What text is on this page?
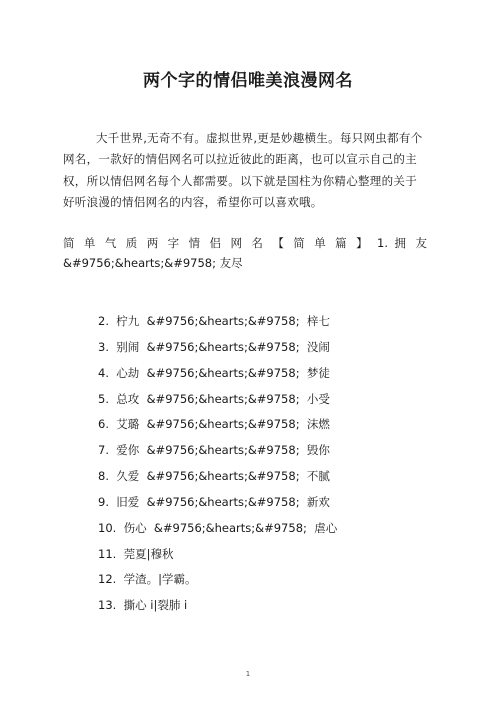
两个字的情侣唯美浪漫网名

大千世界,无奇不有。虚拟世界,更是妙趣横生。每只网虫都有个网名，一款好的情侣网名可以拉近彼此的距离，也可以宣示自己的主权，所以情侣网名每个人都需要。以下就是国柱为你精心整理的关于好听浪漫的情侣网名的内容，希望你可以喜欢哦。

简 单 气 质 两 字 情 侣 网 名 【 简 单 篇 】 1. 拥 友
&#9756;&hearts;&#9758; 友尽
2.  柠九  &#9756;&hearts;&#9758;  梓七
3.  别闹  &#9756;&hearts;&#9758;  没闹
4.  心劫  &#9756;&hearts;&#9758;  梦徒
5.  总攻  &#9756;&hearts;&#9758;  小受
6.  艾璐  &#9756;&hearts;&#9758;  沫燃
7.  爱你  &#9756;&hearts;&#9758;  毁你
8.  久爱  &#9756;&hearts;&#9758;  不腻
9.  旧爱  &#9756;&hearts;&#9758;  新欢
10.  伤心  &#9756;&hearts;&#9758;  虐心
11.  莞夏|穆秋
12.  学渣。|学霸。
13.  撕心 i|裂肺 i
1
